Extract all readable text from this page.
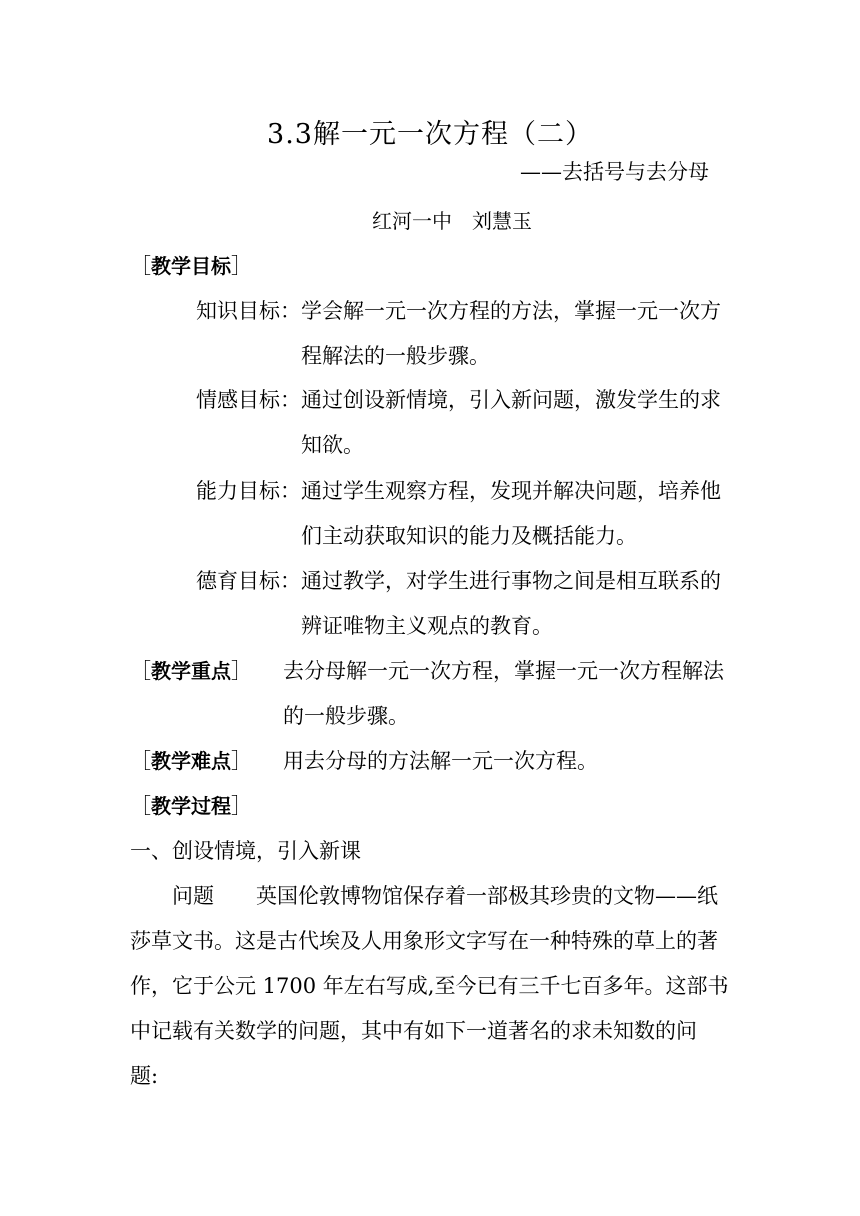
3.3解一元一次方程（二）
——去括号与去分母
红河一中　刘慧玉
［教学目标］
知识目标： 学会解一元一次方程的方法，掌握一元一次方
程解法的一般步骤。
情感目标： 通过创设新情境，引入新问题，激发学生的求
知欲。
能力目标： 通过学生观察方程，发现并解决问题，培养他
们主动获取知识的能力及概括能力。
德育目标： 通过教学，对学生进行事物之间是相互联系的
辨证唯物主义观点的教育。
［教学重点］ 去分母解一元一次方程，掌握一元一次方程解法
的一般步骤。
［教学难点］ 用去分母的方法解一元一次方程。
［教学过程］
一、创设情境，引入新课
问题　　英国伦敦博物馆保存着一部极其珍贵的文物——纸
莎草文书。这是古代埃及人用象形文字写在一种特殊的草上的著
作，它于公元 1700 年左右写成,至今已有三千七百多年。这部书
中记载有关数学的问题，其中有如下一道著名的求未知数的问
题:
